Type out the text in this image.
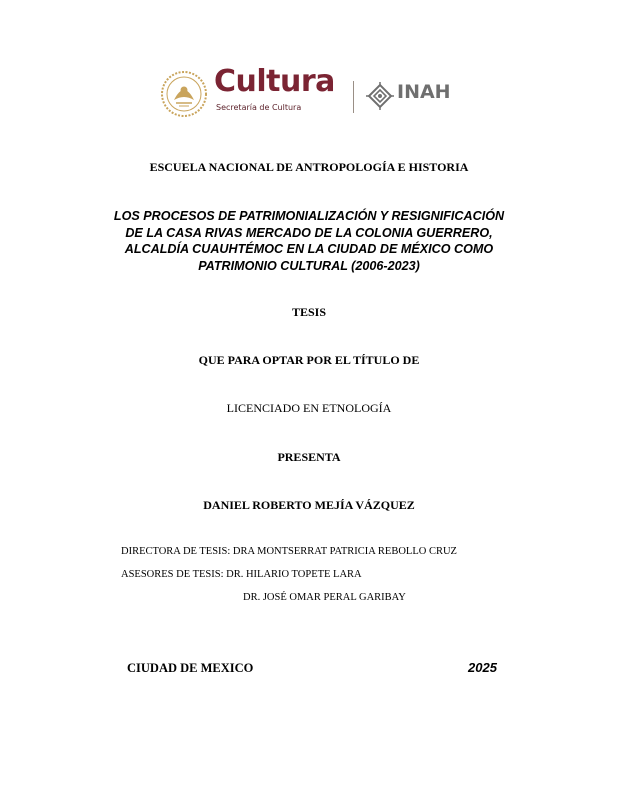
Cultura
Secretaría de Cultura
INAH
ESCUELA NACIONAL DE ANTROPOLOGÍA E HISTORIA
LOS PROCESOS DE PATRIMONIALIZACIÓN Y RESIGNIFICACIÓN
DE LA CASA RIVAS MERCADO DE LA COLONIA GUERRERO,
ALCALDÍA CUAUHTÉMOC EN LA CIUDAD DE MÉXICO COMO
PATRIMONIO CULTURAL (2006-2023)
TESIS
QUE PARA OPTAR POR EL TÍTULO DE
LICENCIADO EN ETNOLOGÍA
PRESENTA
DANIEL ROBERTO MEJÍA VÁZQUEZ
DIRECTORA DE TESIS: DRA MONTSERRAT PATRICIA REBOLLO CRUZ
ASESORES DE TESIS: DR. HILARIO TOPETE LARA
DR. JOSÉ OMAR PERAL GARIBAY
CIUDAD DE MEXICO	2025
